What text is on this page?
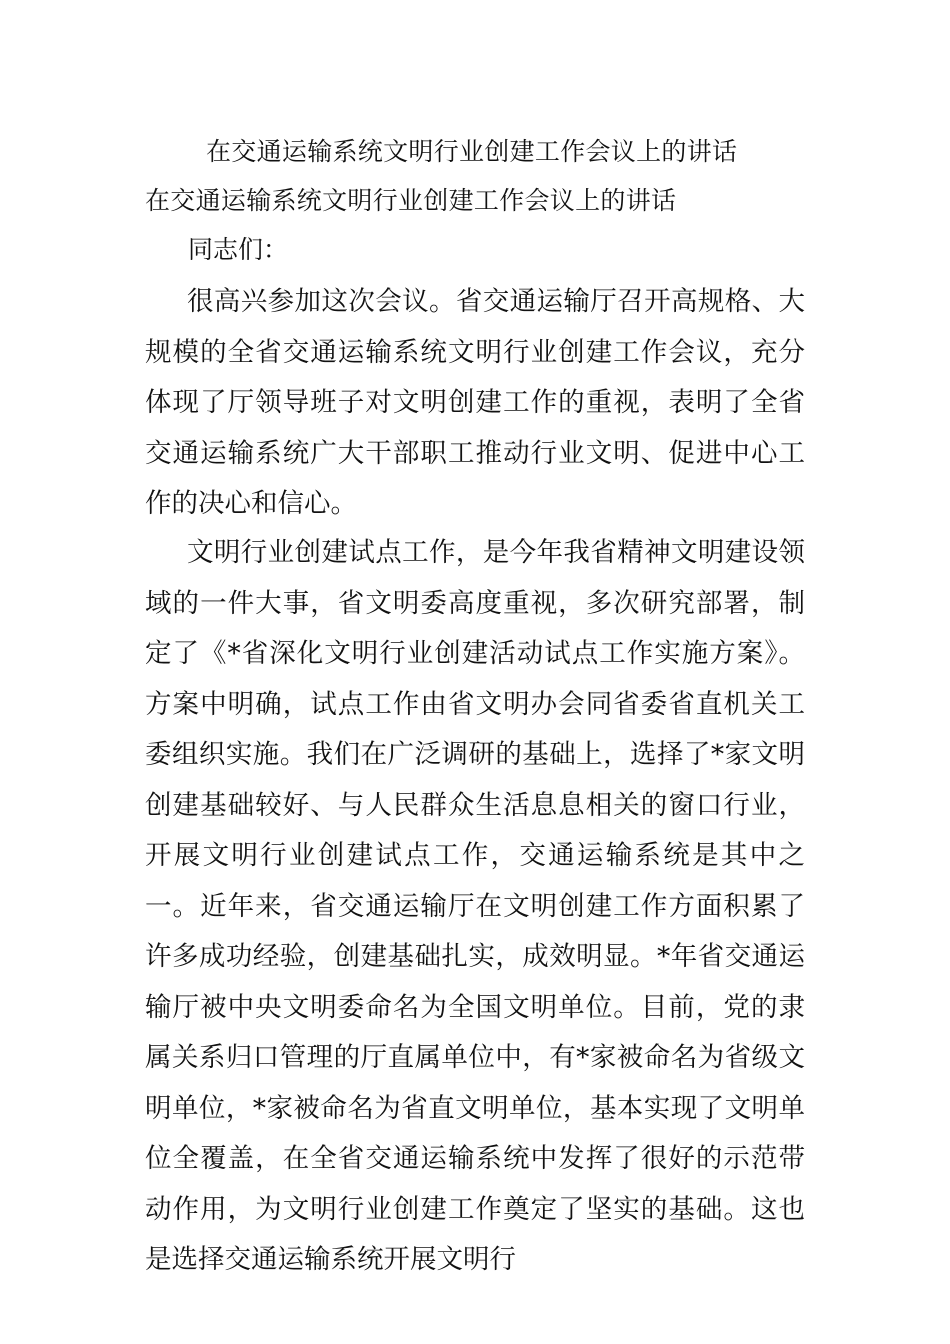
在交通运输系统文明行业创建工作会议上的讲话
在交通运输系统文明行业创建工作会议上的讲话
同志们：
很高兴参加这次会议。省交通运输厅召开高规格、大规模的全省交通运输系统文明行业创建工作会议，充分体现了厅领导班子对文明创建工作的重视，表明了全省交通运输系统广大干部职工推动行业文明、促进中心工作的决心和信心。
文明行业创建试点工作，是今年我省精神文明建设领域的一件大事，省文明委高度重视，多次研究部署，制定了《*省深化文明行业创建活动试点工作实施方案》。方案中明确，试点工作由省文明办会同省委省直机关工委组织实施。我们在广泛调研的基础上，选择了*家文明创建基础较好、与人民群众生活息息相关的窗口行业，开展文明行业创建试点工作，交通运输系统是其中之一。近年来，省交通运输厅在文明创建工作方面积累了许多成功经验，创建基础扎实，成效明显。*年省交通运输厅被中央文明委命名为全国文明单位。目前，党的隶属关系归口管理的厅直属单位中，有*家被命名为省级文明单位，*家被命名为省直文明单位，基本实现了文明单位全覆盖，在全省交通运输系统中发挥了很好的示范带动作用，为文明行业创建工作奠定了坚实的基础。这也是选择交通运输系统开展文明行
